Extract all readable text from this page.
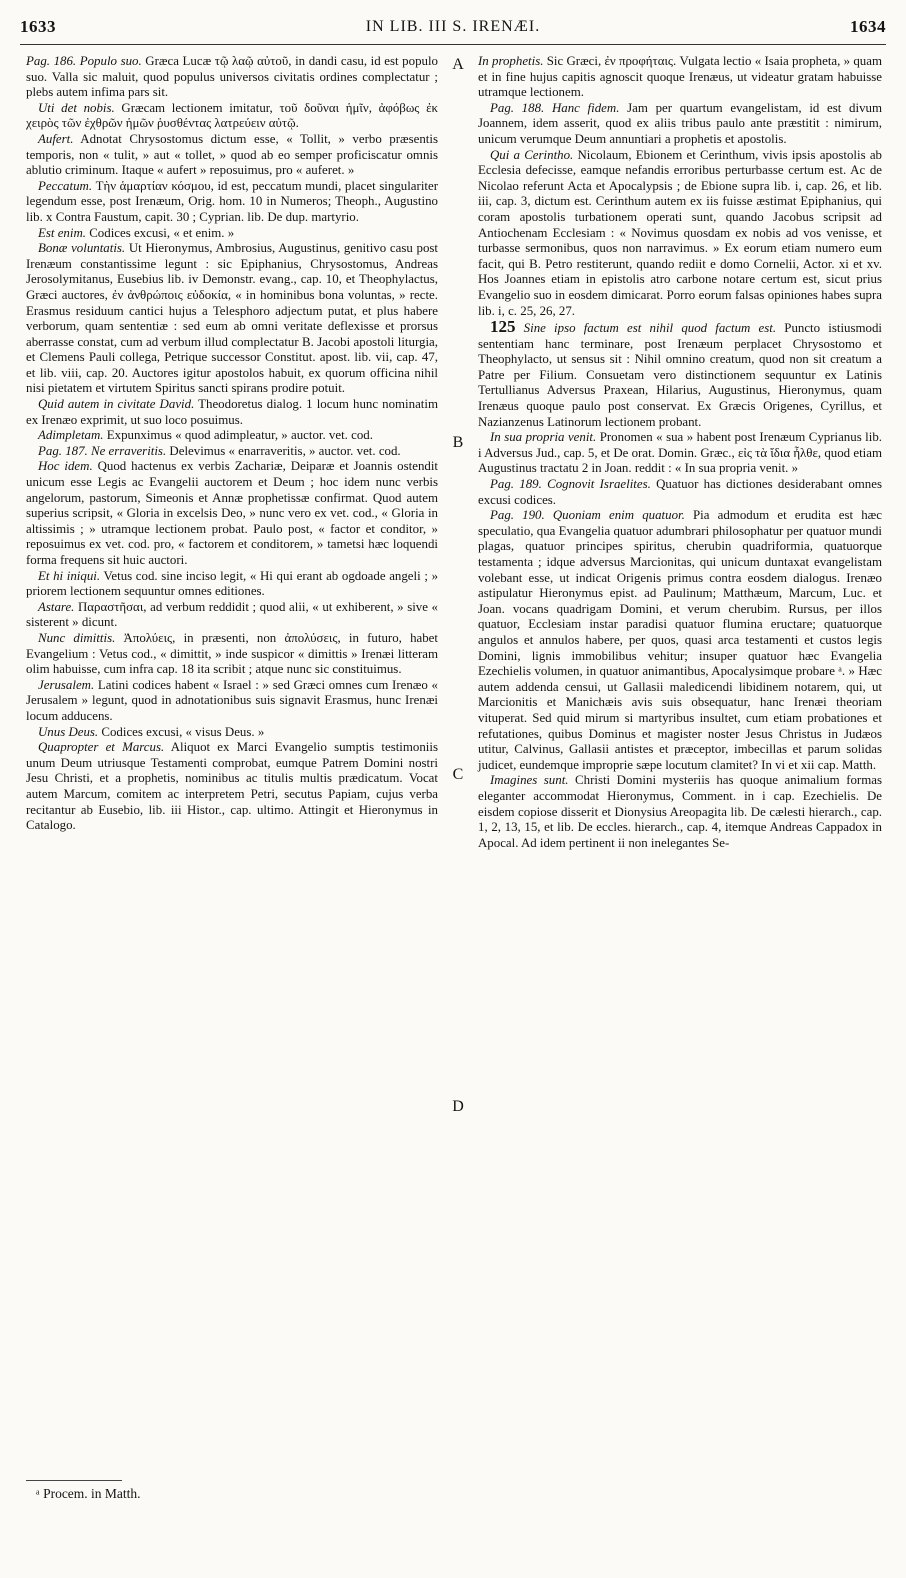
1633	IN LIB. III S. IRENÆI.	1634

Pag. 186. Populo suo. Græca Lucæ τῷ λαῷ αὐτοῦ, in dandi casu, id est populo suo. Valla sic maluit, quod populus universos civitatis ordines complectatur ; plebs autem infima pars sit.

Uti det nobis. Græcam lectionem imitatur, τοῦ δοῦναι ἡμῖν, ἀφόβως ἐκ χειρὸς τῶν ἐχθρῶν ἡμῶν ῥυσθέντας λατρεύειν αὐτῷ.

Aufert. Adnotat Chrysostomus dictum esse, « Tollit, » verbo præsentis temporis, non « tulit, » aut « tollet, » quod ab eo semper proficiscatur omnis ablutio criminum. Itaque « aufert » reposuimus, pro « auferet. »

Peccatum. Τὴν ἁμαρτίαν κόσμου, id est, peccatum mundi, placet singulariter legendum esse, post Irenæum, Orig. hom. 10 in Numeros; Theoph., Augustino lib. x Contra Faustum, capit. 30 ; Cyprian. lib. De dup. martyrio.

Est enim. Codices excusi, « et enim. »

Bonæ voluntatis. Ut Hieronymus, Ambrosius, Augustinus, genitivo casu post Irenæum constantissime legunt : sic Epiphanius, Chrysostomus, Andreas Jerosolymitanus, Eusebius lib. iv Demonstr. evang., cap. 10, et Theophylactus, Græci auctores, ἐν ἀνθρώποις εὐδοκία, « in hominibus bona voluntas, » recte. Erasmus residuum cantici hujus a Telesphoro adjectum putat, et plus habere verborum, quam sententiæ : sed eum ab omni veritate deflexisse et prorsus aberrasse constat, cum ad verbum illud complectatur B. Jacobi apostoli liturgia, et Clemens Pauli collega, Petrique successor Constitut. apost. lib. vii, cap. 47, et lib. viii, cap. 20. Auctores igitur apostolos habuit, ex quorum officina nihil nisi pietatem et virtutem Spiritus sancti spirans prodire potuit.

Quid autem in civitate David. Theodoretus dialog. 1 locum hunc nominatim ex Irenæo exprimit, ut suo loco posuimus.

Adimpletam. Expunximus « quod adimpleatur, » auctor. vet. cod.

Pag. 187. Ne erraveritis. Delevimus « enarraveritis, » auctor. vet. cod.

Hoc idem. Quod hactenus ex verbis Zachariæ, Deiparæ et Joannis ostendit unicum esse Legis ac Evangelii auctorem et Deum ; hoc idem nunc verbis angelorum, pastorum, Simeonis et Annæ prophetissæ confirmat. Quod autem superius scripsit, « Gloria in excelsis Deo, » nunc vero ex vet. cod., « Gloria in altissimis ; » utramque lectionem probat. Paulo post, « factor et conditor, » reposuimus ex vet. cod. pro, « factorem et conditorem, » tametsi hæc loquendi forma frequens sit huic auctori.

Et hi iniqui. Vetus cod. sine inciso legit, « Hi qui erant ab ogdoade angeli ; » priorem lectionem sequuntur omnes editiones.

Astare. Παραστῆσαι, ad verbum reddidit ; quod alii, « ut exhiberent, » sive « sisterent » dicunt.

Nunc dimittis. Ἀπολύεις, in præsenti, non ἀπολύσεις, in futuro, habet Evangelium : Vetus cod., « dimittit, » inde suspicor « dimittis » Irenæi litteram olim habuisse, cum infra cap. 18 ita scribit ; atque nunc sic constituimus.

Jerusalem. Latini codices habent « Israel : » sed Græci omnes cum Irenæo « Jerusalem » legunt, quod in adnotationibus suis signavit Erasmus, hunc Irenæi locum adducens.

Unus Deus. Codices excusi, « visus Deus. »

Quapropter et Marcus. Aliquot ex Marci Evangelio sumptis testimoniis unum Deum utriusque Testamenti comprobat, eumque Patrem Domini nostri Jesu Christi, et a prophetis, nominibus ac titulis multis prædicatum. Vocat autem Marcum, comitem ac interpretem Petri, secutus Papiam, cujus verba recitantur ab Eusebio, lib. iii Histor., cap. ultimo. Attingit et Hieronymus in Catalogo.

A
B
C
D

In prophetis. Sic Græci, ἐν προφήταις. Vulgata lectio « Isaia propheta, » quam et in fine hujus capitis agnoscit quoque Irenæus, ut videatur gratam habuisse utramque lectionem.

Pag. 188. Hanc fidem. Jam per quartum evangelistam, id est divum Joannem, idem asserit, quod ex aliis tribus paulo ante præstitit : nimirum, unicum verumque Deum annuntiari a prophetis et apostolis.

Qui a Cerintho. Nicolaum, Ebionem et Cerinthum, vivis ipsis apostolis ab Ecclesia defecisse, eamque nefandis erroribus perturbasse certum est. Ac de Nicolao referunt Acta et Apocalypsis ; de Ebione supra lib. i, cap. 26, et lib. iii, cap. 3, dictum est. Cerinthum autem ex iis fuisse æstimat Epiphanius, qui coram apostolis turbationem operati sunt, quando Jacobus scripsit ad Antiochenam Ecclesiam : « Novimus quosdam ex nobis ad vos venisse, et turbasse sermonibus, quos non narravimus. » Ex eorum etiam numero eum facit, qui B. Petro restiterunt, quando rediit e domo Cornelii, Actor. xi et xv. Hos Joannes etiam in epistolis atro carbone notare certum est, sicut prius Evangelio suo in eosdem dimicarat. Porro eorum falsas opiniones habes supra lib. i, c. 25, 26, 27.

125 Sine ipso factum est nihil quod factum est. Puncto istiusmodi sententiam hanc terminare, post Irenæum perplacet Chrysostomo et Theophylacto, ut sensus sit : Nihil omnino creatum, quod non sit creatum a Patre per Filium. Consuetam vero distinctionem sequuntur ex Latinis Tertullianus Adversus Praxean, Hilarius, Augustinus, Hieronymus, quam Irenæus quoque paulo post conservat. Ex Græcis Origenes, Cyrillus, et Nazianzenus Latinorum lectionem probant.

In sua propria venit. Pronomen « sua » habent post Irenæum Cyprianus lib. i Adversus Jud., cap. 5, et De orat. Domin. Græc., εἰς τὰ ἴδια ἦλθε, quod etiam Augustinus tractatu 2 in Joan. reddit : « In sua propria venit. »

Pag. 189. Cognovit Israelites. Quatuor has dictiones desiderabant omnes excusi codices.

Pag. 190. Quoniam enim quatuor. Pia admodum et erudita est hæc speculatio, qua Evangelia quatuor adumbrari philosophatur per quatuor mundi plagas, quatuor principes spiritus, cherubin quadriformia, quatuorque testamenta ; idque adversus Marcionitas, qui unicum duntaxat evangelistam volebant esse, ut indicat Origenis primus contra eosdem dialogus. Irenæo astipulatur Hieronymus epist. ad Paulinum; Matthæum, Marcum, Luc. et Joan. vocans quadrigam Domini, et verum cherubim. Rursus, per illos quatuor, Ecclesiam instar paradisi quatuor flumina eructare; quatuorque angulos et annulos habere, per quos, quasi arca testamenti et custos legis Domini, lignis immobilibus vehitur; insuper quatuor hæc Evangelia Ezechielis volumen, in quatuor animantibus, Apocalysimque probare ᵃ. » Hæc autem addenda censui, ut Gallasii maledicendi libidinem notarem, qui, ut Marcionitis et Manichæis avis suis obsequatur, hanc Irenæi theoriam vituperat. Sed quid mirum si martyribus insultet, cum etiam probationes et refutationes, quibus Dominus et magister noster Jesus Christus in Judæos utitur, Calvinus, Gallasii antistes et præceptor, imbecillas et parum solidas judicet, eundemque improprie sæpe locutum clamitet? In vi et xii cap. Matth.

Imagines sunt. Christi Domini mysteriis has quoque animalium formas eleganter accommodat Hieronymus, Comment. in i cap. Ezechielis. De eisdem copiose disserit et Dionysius Areopagita lib. De cælesti hierarch., cap. 1, 2, 13, 15, et lib. De eccles. hierarch., cap. 4, itemque Andreas Cappadox in Apocal. Ad idem pertinent ii non inelegantes Se-

ᵃ Procem. in Matth.
